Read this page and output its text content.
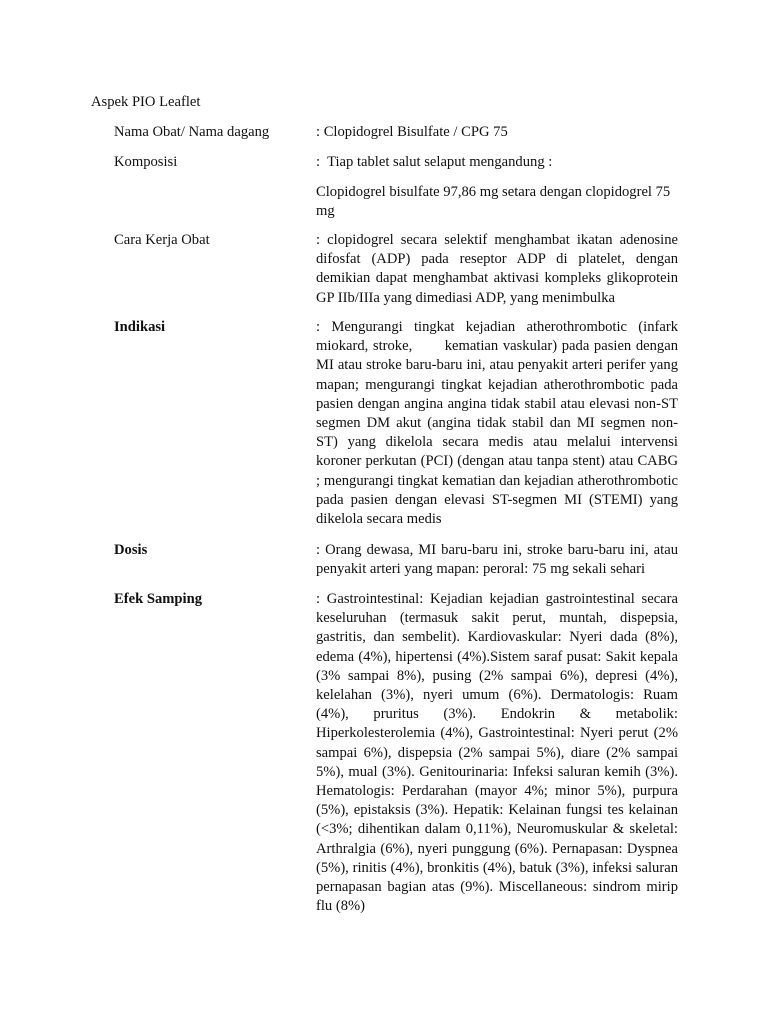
Aspek PIO Leaflet
Nama Obat/ Nama dagang	: Clopidogrel Bisulfate / CPG 75

Komposisi	:  Tiap tablet salut selaput mengandung :

Clopidogrel bisulfate 97,86 mg setara dengan clopidogrel 75 mg

Cara Kerja Obat	: clopidogrel secara selektif menghambat ikatan adenosine difosfat (ADP) pada reseptor ADP di platelet, dengan demikian dapat menghambat aktivasi kompleks glikoprotein GP IIb/IIIa yang dimediasi ADP, yang menimbulka

Indikasi	: Mengurangi tingkat kejadian atherothrombotic (infark miokard, stroke,       kematian vaskular) pada pasien dengan MI atau stroke baru-baru ini, atau penyakit arteri perifer yang mapan; mengurangi tingkat kejadian atherothrombotic pada pasien dengan angina angina tidak stabil atau elevasi non-ST segmen DM akut (angina tidak stabil dan MI segmen non-ST) yang dikelola secara medis atau melalui intervensi koroner perkutan (PCI) (dengan atau tanpa stent) atau CABG ; mengurangi tingkat kematian dan kejadian atherothrombotic pada pasien dengan elevasi ST-segmen MI (STEMI) yang dikelola secara medis

Dosis	: Orang dewasa, MI baru-baru ini, stroke baru-baru ini, atau penyakit arteri yang mapan: peroral: 75 mg sekali sehari

Efek Samping	: Gastrointestinal: Kejadian kejadian gastrointestinal secara keseluruhan (termasuk sakit perut, muntah, dispepsia, gastritis, dan sembelit). Kardiovaskular: Nyeri dada (8%), edema (4%), hipertensi (4%).Sistem saraf pusat: Sakit kepala (3% sampai 8%), pusing (2% sampai 6%), depresi (4%), kelelahan (3%), nyeri umum (6%). Dermatologis: Ruam (4%), pruritus (3%). Endokrin & metabolik: Hiperkolesterolemia (4%), Gastrointestinal: Nyeri perut (2% sampai 6%), dispepsia (2% sampai 5%), diare (2% sampai 5%), mual (3%). Genitourinaria: Infeksi saluran kemih (3%). Hematologis: Perdarahan (mayor 4%; minor 5%), purpura (5%), epistaksis (3%). Hepatik: Kelainan fungsi tes kelainan (<3%; dihentikan dalam 0,11%), Neuromuskular & skeletal: Arthralgia (6%), nyeri punggung (6%). Pernapasan: Dyspnea (5%), rinitis (4%), bronkitis (4%), batuk (3%), infeksi saluran pernapasan bagian atas (9%). Miscellaneous: sindrom mirip flu (8%)
